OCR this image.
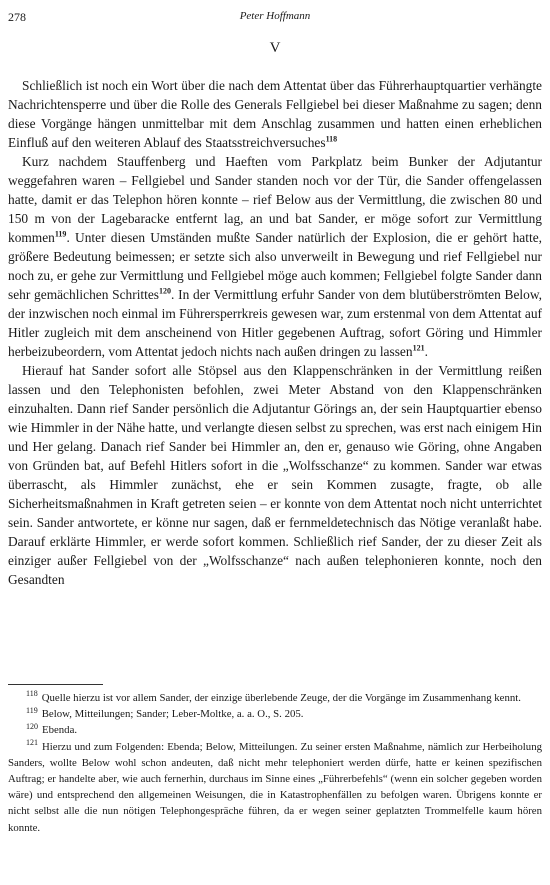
278	Peter Hoffmann
V

Schließlich ist noch ein Wort über die nach dem Attentat über das Führerhauptquartier verhängte Nachrichtensperre und über die Rolle des Generals Fellgiebel bei dieser Maßnahme zu sagen; denn diese Vorgänge hängen unmittelbar mit dem Anschlag zusammen und hatten einen erheblichen Einfluß auf den weiteren Ablauf des Staatsstreichversuches$^{118}$

Kurz nachdem Stauffenberg und Haeften vom Parkplatz beim Bunker der Adjutantur weggefahren waren – Fellgiebel und Sander standen noch vor der Tür, die Sander offengelassen hatte, damit er das Telephon hören konnte – rief Below aus der Vermittlung, die zwischen 80 und 150 m von der Lagebaracke entfernt lag, an und bat Sander, er möge sofort zur Vermittlung kommen$^{119}$. Unter diesen Umständen mußte Sander natürlich der Explosion, die er gehört hatte, größere Bedeutung beimessen; er setzte sich also unverweilt in Bewegung und rief Fellgiebel nur noch zu, er gehe zur Vermittlung und Fellgiebel möge auch kommen; Fellgiebel folgte Sander dann sehr gemächlichen Schrittes$^{120}$. In der Vermittlung erfuhr Sander von dem blutüberströmten Below, der inzwischen noch einmal im Führersperrkreis gewesen war, zum erstenmal von dem Attentat auf Hitler zugleich mit dem anscheinend von Hitler gegebenen Auftrag, sofort Göring und Himmler herbeizubeordern, vom Attentat jedoch nichts nach außen dringen zu lassen$^{121}$.

Hierauf hat Sander sofort alle Stöpsel aus den Klappenschränken in der Vermittlung reißen lassen und den Telephonisten befohlen, zwei Meter Abstand von den Klappenschränken einzuhalten. Dann rief Sander persönlich die Adjutantur Görings an, der sein Hauptquartier ebenso wie Himmler in der Nähe hatte, und verlangte diesen selbst zu sprechen, was erst nach einigem Hin und Her gelang. Danach rief Sander bei Himmler an, den er, genauso wie Göring, ohne Angaben von Gründen bat, auf Befehl Hitlers sofort in die „Wolfsschanze“ zu kommen. Sander war etwas überrascht, als Himmler zunächst, ehe er sein Kommen zusagte, fragte, ob alle Sicherheitsmaßnahmen in Kraft getreten seien – er konnte von dem Attentat noch nicht unterrichtet sein. Sander antwortete, er könne nur sagen, daß er fernmeldetechnisch das Nötige veranlaßt habe. Darauf erklärte Himmler, er werde sofort kommen. Schließlich rief Sander, der zu dieser Zeit als einziger außer Fellgiebel von der „Wolfsschanze“ nach außen telephonieren konnte, noch den Gesandten

$^{118}$ Quelle hierzu ist vor allem Sander, der einzige überlebende Zeuge, der die Vorgänge im Zusammenhang kennt.

$^{119}$ Below, Mitteilungen; Sander; Leber-Moltke, a. a. O., S. 205.

$^{120}$ Ebenda.

$^{121}$ Hierzu und zum Folgenden: Ebenda; Below, Mitteilungen. Zu seiner ersten Maßnahme, nämlich zur Herbeiholung Sanders, wollte Below wohl schon andeuten, daß nicht mehr telephoniert werden dürfe, hatte er keinen spezifischen Auftrag; er handelte aber, wie auch fernerhin, durchaus im Sinne eines „Führerbefehls“ (wenn ein solcher gegeben worden wäre) und entsprechend den allgemeinen Weisungen, die in Katastrophenfällen zu befolgen waren. Übrigens konnte er nicht selbst alle die nun nötigen Telephongespräche führen, da er wegen seiner geplatzten Trommelfelle kaum hören konnte.
